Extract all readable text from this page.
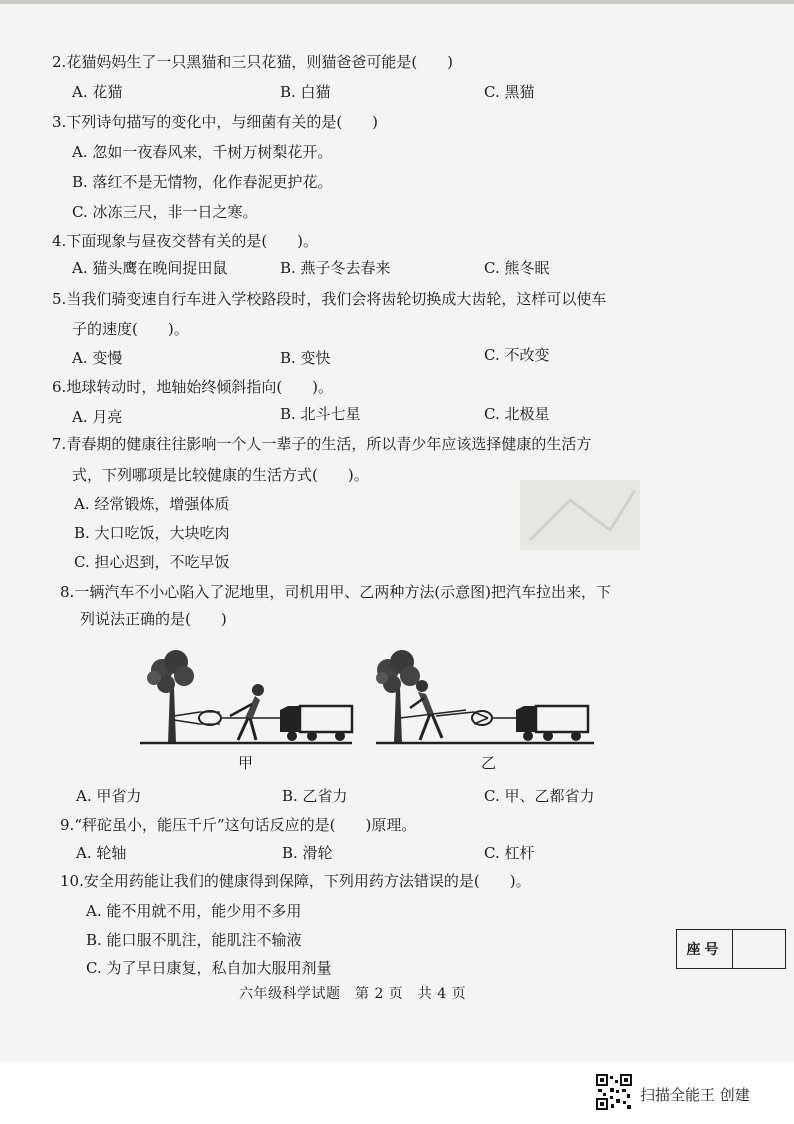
2.花猫妈妈生了一只黑猫和三只花猫，则猫爸爸可能是(　　)
A. 花猫	B. 白猫	C. 黑猫
3.下列诗句描写的变化中，与细菌有关的是(　　)
A. 忽如一夜春风来，千树万树梨花开。
B. 落红不是无情物，化作春泥更护花。
C. 冰冻三尺，非一日之寒。
4.下面现象与昼夜交替有关的是(　　)。
A. 猫头鹰在晚间捉田鼠	B. 燕子冬去春来	C. 熊冬眠
5.当我们骑变速自行车进入学校路段时，我们会将齿轮切换成大齿轮，这样可以使车
子的速度(　　)。
A. 变慢	B. 变快	C. 不改变
6.地球转动时，地轴始终倾斜指向(　　)。
A. 月亮	B. 北斗七星	C. 北极星
7.青春期的健康往往影响一个人一辈子的生活，所以青少年应该选择健康的生活方
式，下列哪项是比较健康的生活方式(　　)。
A. 经常锻炼，增强体质
B. 大口吃饭，大块吃肉
C. 担心迟到，不吃早饭
8.一辆汽车不小心陷入了泥地里，司机用甲、乙两种方法(示意图)把汽车拉出来，下
列说法正确的是(　　)
甲	乙
A. 甲省力	B. 乙省力	C. 甲、乙都省力
9.“秤砣虽小，能压千斤”这句话反应的是(　　)原理。
A. 轮轴	B. 滑轮	C. 杠杆
10.安全用药能让我们的健康得到保障，下列用药方法错误的是(　　)。
A. 能不用就不用，能少用不多用
B. 能口服不肌注，能肌注不输液
C. 为了早日康复，私自加大服用剂量
座号
六年级科学试题　第 2 页　共 4 页
扫描全能王 创建
